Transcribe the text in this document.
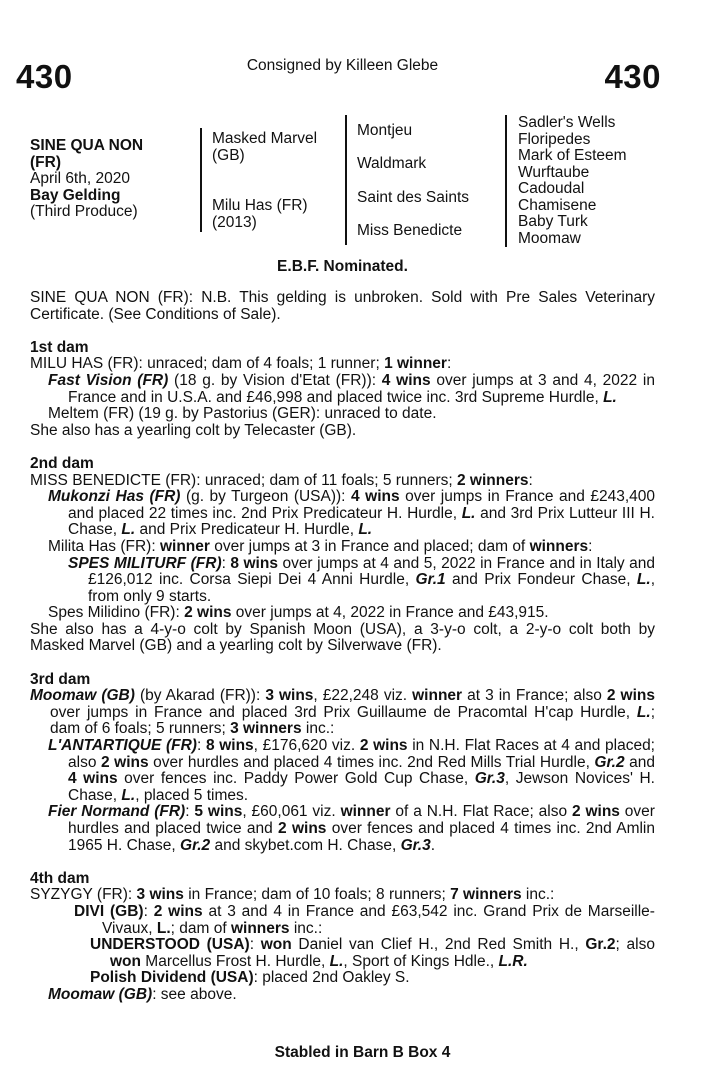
430	430
Consigned by Killeen Glebe
SINE QUA NON
(FR)
April 6th, 2020
Bay Gelding
(Third Produce)
Masked Marvel (GB)
Milu Has (FR) (2013)
Montjeu
Waldmark
Saint des Saints
Miss Benedicte
Sadler's Wells
Floripedes
Mark of Esteem
Wurftaube
Cadoudal
Chamisene
Baby Turk
Moomaw
E.B.F. Nominated.

SINE QUA NON (FR): N.B. This gelding is unbroken. Sold with Pre Sales Veterinary Certificate. (See Conditions of Sale).

1st dam

MILU HAS (FR): unraced; dam of 4 foals; 1 runner; 1 winner:

Fast Vision (FR) (18 g. by Vision d'Etat (FR)): 4 wins over jumps at 3 and 4, 2022 in France and in U.S.A. and £46,998 and placed twice inc. 3rd Supreme Hurdle, L.

Meltem (FR) (19 g. by Pastorius (GER): unraced to date.

She also has a yearling colt by Telecaster (GB).

2nd dam

MISS BENEDICTE (FR): unraced; dam of 11 foals; 5 runners; 2 winners:

Mukonzi Has (FR) (g. by Turgeon (USA)): 4 wins over jumps in France and £243,400 and placed 22 times inc. 2nd Prix Predicateur H. Hurdle, L. and 3rd Prix Lutteur III H. Chase, L. and Prix Predicateur H. Hurdle, L.

Milita Has (FR): winner over jumps at 3 in France and placed; dam of winners:

SPES MILITURF (FR): 8 wins over jumps at 4 and 5, 2022 in France and in Italy and £126,012 inc. Corsa Siepi Dei 4 Anni Hurdle, Gr.1 and Prix Fondeur Chase, L., from only 9 starts.

Spes Milidino (FR): 2 wins over jumps at 4, 2022 in France and £43,915.

She also has a 4-y-o colt by Spanish Moon (USA), a 3-y-o colt, a 2-y-o colt both by Masked Marvel (GB) and a yearling colt by Silverwave (FR).

3rd dam

Moomaw (GB) (by Akarad (FR)): 3 wins, £22,248 viz. winner at 3 in France; also 2 wins over jumps in France and placed 3rd Prix Guillaume de Pracomtal H'cap Hurdle, L.; dam of 6 foals; 5 runners; 3 winners inc.:

L'ANTARTIQUE (FR): 8 wins, £176,620 viz. 2 wins in N.H. Flat Races at 4 and placed; also 2 wins over hurdles and placed 4 times inc. 2nd Red Mills Trial Hurdle, Gr.2 and 4 wins over fences inc. Paddy Power Gold Cup Chase, Gr.3, Jewson Novices' H. Chase, L., placed 5 times.

Fier Normand (FR): 5 wins, £60,061 viz. winner of a N.H. Flat Race; also 2 wins over hurdles and placed twice and 2 wins over fences and placed 4 times inc. 2nd Amlin 1965 H. Chase, Gr.2 and skybet.com H. Chase, Gr.3.

4th dam

SYZYGY (FR): 3 wins in France; dam of 10 foals; 8 runners; 7 winners inc.:

DIVI (GB): 2 wins at 3 and 4 in France and £63,542 inc. Grand Prix de Marseille-Vivaux, L.; dam of winners inc.:

UNDERSTOOD (USA): won Daniel van Clief H., 2nd Red Smith H., Gr.2; also won Marcellus Frost H. Hurdle, L., Sport of Kings Hdle., L.R.

Polish Dividend (USA): placed 2nd Oakley S.

Moomaw (GB): see above.

Stabled in Barn B Box 4
